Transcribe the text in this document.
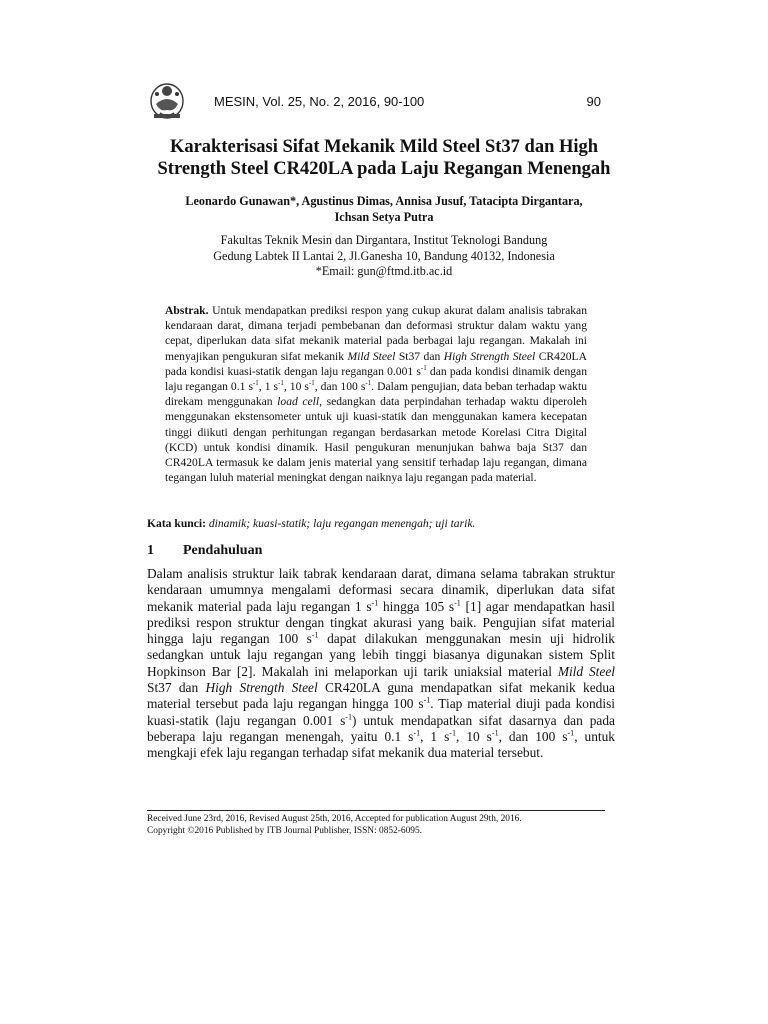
MESIN, Vol. 25, No. 2, 2016, 90-100	90
Karakterisasi Sifat Mekanik Mild Steel St37 dan High
Strength Steel CR420LA pada Laju Regangan Menengah
Leonardo Gunawan*, Agustinus Dimas, Annisa Jusuf, Tatacipta Dirgantara,
Ichsan Setya Putra
Fakultas Teknik Mesin dan Dirgantara, Institut Teknologi Bandung
Gedung Labtek II Lantai 2, Jl.Ganesha 10, Bandung 40132, Indonesia
*Email: gun@ftmd.itb.ac.id

Abstrak. Untuk mendapatkan prediksi respon yang cukup akurat dalam analisis tabrakan kendaraan darat, dimana terjadi pembebanan dan deformasi struktur dalam waktu yang cepat, diperlukan data sifat mekanik material pada berbagai laju regangan. Makalah ini menyajikan pengukuran sifat mekanik Mild Steel St37 dan High Strength Steel CR420LA pada kondisi kuasi-statik dengan laju regangan 0.001 $s^{-1}$ dan pada kondisi dinamik dengan laju regangan 0.1 $s^{-1}$, 1 $s^{-1}$, 10 $s^{-1}$, dan 100 $s^{-1}$. Dalam pengujian, data beban terhadap waktu direkam menggunakan load cell, sedangkan data perpindahan terhadap waktu diperoleh menggunakan ekstensometer untuk uji kuasi-statik dan menggunakan kamera kecepatan tinggi diikuti dengan perhitungan regangan berdasarkan metode Korelasi Citra Digital (KCD) untuk kondisi dinamik. Hasil pengukuran menunjukan bahwa baja St37 dan CR420LA termasuk ke dalam jenis material yang sensitif terhadap laju regangan, dimana tegangan luluh material meningkat dengan naiknya laju regangan pada material.

Kata kunci: dinamik; kuasi-statik; laju regangan menengah; uji tarik.

1 Pendahuluan

Dalam analisis struktur laik tabrak kendaraan darat, dimana selama tabrakan struktur kendaraan umumnya mengalami deformasi secara dinamik, diperlukan data sifat mekanik material pada laju regangan 1 $s^{-1}$ hingga 105 $s^{-1}$ [1] agar mendapatkan hasil prediksi respon struktur dengan tingkat akurasi yang baik. Pengujian sifat material hingga laju regangan 100 $s^{-1}$ dapat dilakukan menggunakan mesin uji hidrolik sedangkan untuk laju regangan yang lebih tinggi biasanya digunakan sistem Split Hopkinson Bar [2]. Makalah ini melaporkan uji tarik uniaksial material Mild Steel St37 dan High Strength Steel CR420LA guna mendapatkan sifat mekanik kedua material tersebut pada laju regangan hingga 100 $s^{-1}$. Tiap material diuji pada kondisi kuasi-statik (laju regangan 0.001 $s^{-1}$) untuk mendapatkan sifat dasarnya dan pada beberapa laju regangan menengah, yaitu 0.1 $s^{-1}$, 1 $s^{-1}$, 10 $s^{-1}$, dan 100 $s^{-1}$, untuk mengkaji efek laju regangan terhadap sifat mekanik dua material tersebut.

Received June 23rd, 2016, Revised August 25th, 2016, Accepted for publication August 29th, 2016.
Copyright ©2016 Published by ITB Journal Publisher, ISSN: 0852-6095.
